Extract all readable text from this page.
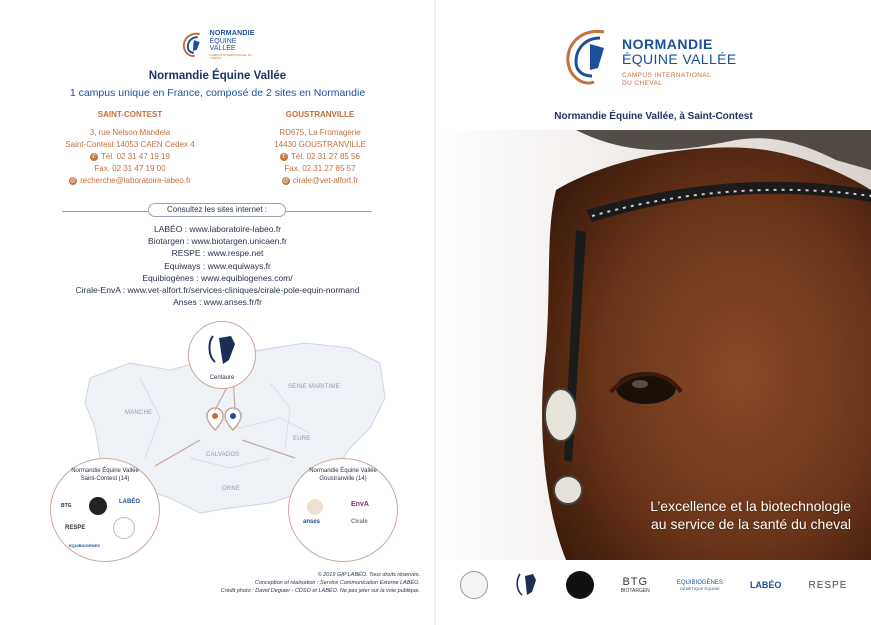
NORMANDIE
ÉQUINE VALLÉE
CAMPUS INTERNATIONAL DU CHEVAL
Normandie Équine Vallée
1 campus unique en France, composé de 2 sites en Normandie
SAINT-CONTEST
3, rue Nelson Mandela
Saint-Contest 14053 CAEN Cedex 4
✆ Tél. 02 31 47 19 19
Fax. 02 31 47 19 00
@ recherche@laboratoire-labeo.fr
GOUSTRANVILLE
RD675, La Fromagerie
14430 GOUSTRANVILLE
✆ Tél. 02 31 27 85 56
Fax. 02 31 27 85 57
@ cirale@vet-alfort.fr
Consultez les sites internet :
LABÉO : www.laboratoire-labeo.fr
Biotargen : www.biotargen.unicaen.fr
RESPE : www.respe.net
Equiways : www.equiways.fr
Equibiogènes : www.equibiogenes.com/
Cirale-EnvA : www.vet-alfort.fr/services-cliniques/cirale-pole-equin-normand
Anses : www.anses.fr/fr
SEINE MARITIME
MANCHE
EURE
CALVADOS
ORNE
Centaure
Normandie Équine Vallée Saint-Contest (14)
BTG
LABÉO
RESPE
EQUIBIOGÈNES
Normandie Équine Vallée Goustranville (14)
EnvA
anses	Cirale
© 2019 GIP LABÉO. Tous droits réservés.
Conception et réalisation : Service Communication Externe LABÉO.
Crédit photo : David Deguier - CDSO et LABÉO. Ne pas jeter sur la voie publique.
NORMANDIE
ÉQUINE VALLÉE
CAMPUS INTERNATIONAL
DU CHEVAL
Normandie Équine Vallée, à Saint-Contest
L’excellence et la biotechnologie
au service de la santé du cheval
BTG
BIOTARGEN
EQUIBIOGÈNES
GÉNÉTIQUE ÉQUINE	LABÉO	RESPE
